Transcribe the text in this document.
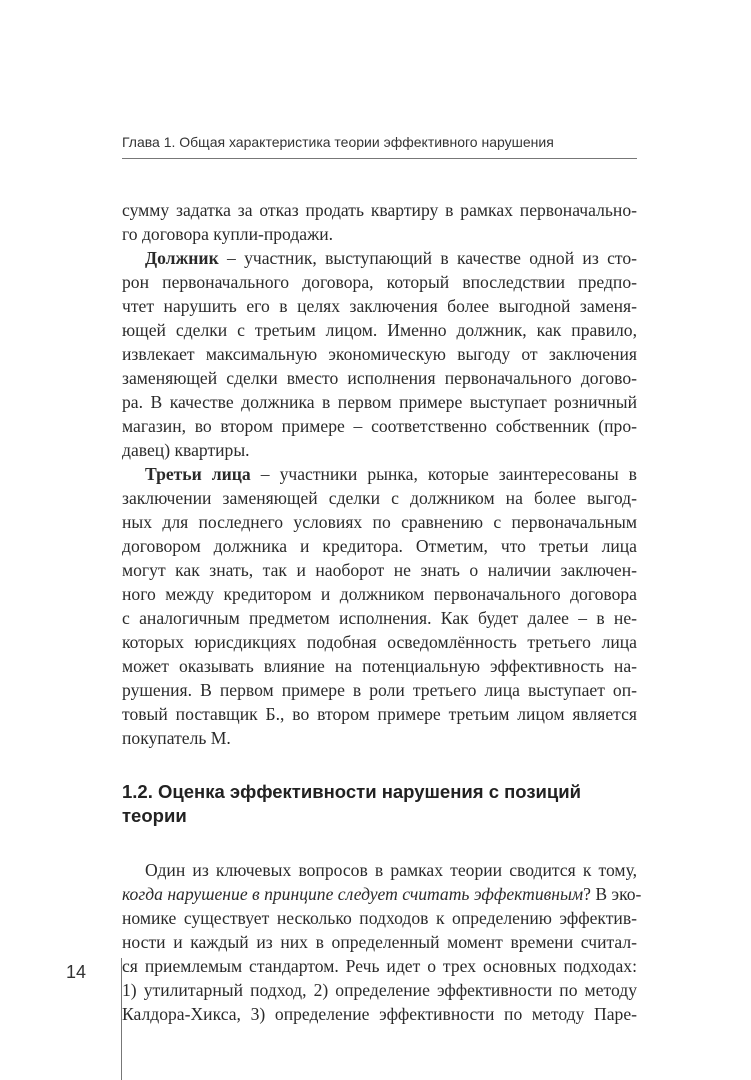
Глава 1. Общая характеристика теории эффективного нарушения
сумму задатка за отказ продать квартиру в рамках первоначально-
го договора купли-продажи.
Должник – участник, выступающий в качестве одной из сто-
рон первоначального договора, который впоследствии предпо-
чтет нарушить его в целях заключения более выгодной заменя-
ющей сделки с третьим лицом. Именно должник, как правило,
извлекает максимальную экономическую выгоду от заключения
заменяющей сделки вместо исполнения первоначального догово-
ра. В качестве должника в первом примере выступает розничный
магазин, во втором примере – соответственно собственник (про-
давец) квартиры.
Третьи лица – участники рынка, которые заинтересованы в
заключении заменяющей сделки с должником на более выгод-
ных для последнего условиях по сравнению с первоначальным
договором должника и кредитора. Отметим, что третьи лица
могут как знать, так и наоборот не знать о наличии заключен-
ного между кредитором и должником первоначального договора
с аналогичным предметом исполнения. Как будет далее – в не-
которых юрисдикциях подобная осведомлённость третьего лица
может оказывать влияние на потенциальную эффективность на-
рушения. В первом примере в роли третьего лица выступает оп-
товый поставщик Б., во втором примере третьим лицом является
покупатель М.
1.2. Оценка эффективности нарушения с позиций
теории
Один из ключевых вопросов в рамках теории сводится к тому,
когда нарушение в принципе следует считать эффективным? В эко-
номике существует несколько подходов к определению эффектив-
ности и каждый из них в определенный момент времени считал-
ся приемлемым стандартом. Речь идет о трех основных подходах:
1) утилитарный подход, 2) определение эффективности по методу
Калдора-Хикса, 3) определение эффективности по методу Паре-
14
